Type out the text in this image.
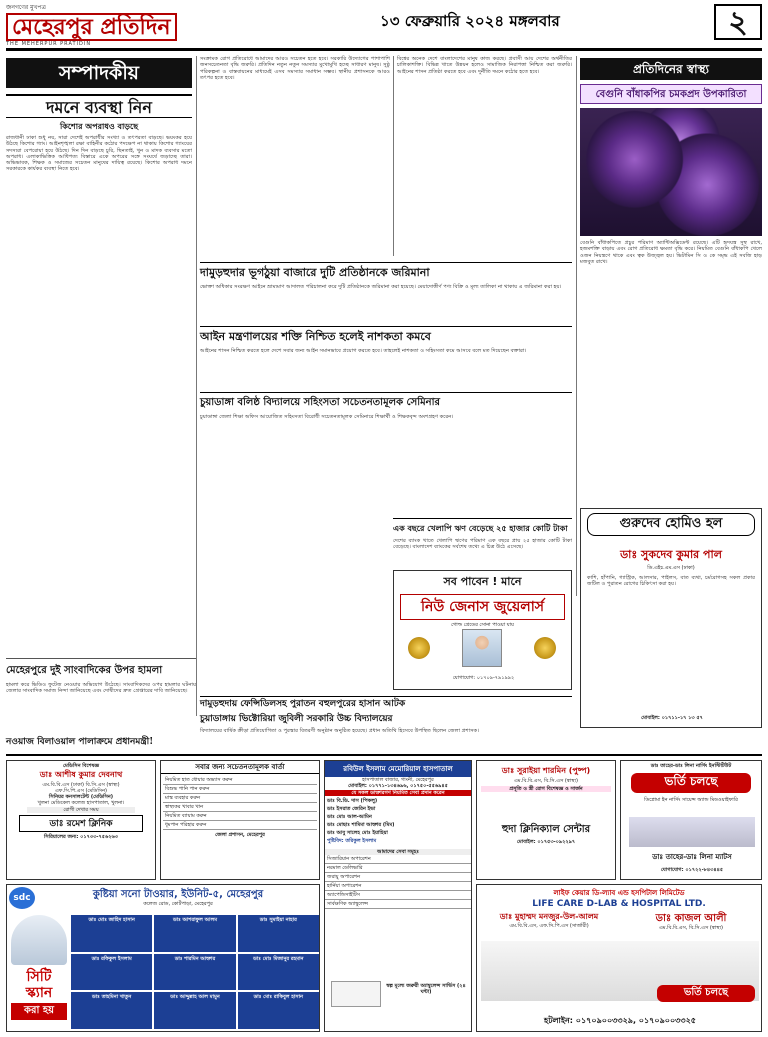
জনগণের মুখপত্র
মেহেরপুর প্রতিদিন
THE MEHERPUR PRATIDIN
১৩ ফেব্রুয়ারি ২০২৪ মঙ্গলবার	২
সম্পাদকীয়
দমনে ব্যবস্থা নিন
কিশোর অপরাধও বাড়ছে
রাজধানী ঢাকা শুধু নয়, সারা দেশেই অপরাধীর সংখ্যা ও তৎপরতা বাড়ছে। ভয়ংকর হয়ে উঠছে কিশোর গ্যাং। আইনশৃঙ্খলা রক্ষা বাহিনীর কঠোর পদক্ষেপ না থাকায় কিশোর গ্যাংয়ের সদস্যরা বেপরোয়া হয়ে উঠছে। দিন দিন বাড়ছে চুরি, ছিনতাই, খুন ও মাদক ব্যবসার মতো অপরাধ। এলাকাভিত্তিক আধিপত্য বিস্তারে একে অপরের সঙ্গে সংঘর্ষে জড়াচ্ছে তারা। অভিভাবক, শিক্ষক ও সমাজের সচেতন মানুষের দায়িত্ব রয়েছে। কিশোর অপরাধ দমনে সরকারকে কার্যকর ব্যবস্থা নিতে হবে।
সংক্রামক রোগ প্রতিরোধে আমাদের আরও সচেতন হতে হবে। সরকারি উদ্যোগের পাশাপাশি জনসচেতনতা বৃদ্ধি জরুরি। প্রতিদিন নতুন নতুন সমস্যার মুখোমুখি হচ্ছে সাধারণ মানুষ। সুষ্ঠু পরিকল্পনা ও বাস্তবায়নের মাধ্যমেই এসব সমস্যার সমাধান সম্ভব। স্থানীয় প্রশাসনকে আরও তৎপর হতে হবে।
বিশ্বের অনেক দেশে বাংলাদেশের মানুষ কাজ করছে। প্রবাসী আয় দেশের অর্থনীতির চালিকাশক্তি। বিভিন্ন খাতে উন্নয়ন হলেও সামাজিক নিরাপত্তা নিশ্চিত করা জরুরি। আইনের শাসন প্রতিষ্ঠা করতে হবে এবং দুর্নীতি দমনে কঠোর হতে হবে।
দামুড়হুদার ভূগঠুয়া বাজারে দুটি প্রতিষ্ঠানকে জরিমানা
ভোক্তা অধিকার সংরক্ষণ আইনে ভ্রাম্যমাণ আদালত পরিচালনা করে দুটি প্রতিষ্ঠানকে জরিমানা করা হয়েছে। মেয়াদোত্তীর্ণ পণ্য বিক্রি ও মূল্য তালিকা না থাকায় এ জরিমানা করা হয়।
আইন মন্ত্রণালয়ের শক্তি নিশ্চিত হলেই নাশকতা কমবে
আইনের শাসন নিশ্চিত করতে হলে দেশে সবার জন্য আইন সমানভাবে প্রয়োগ করতে হবে। তাহলেই নাশকতা ও সহিংসতা কমে আসবে বলে মত দিয়েছেন বক্তারা।
চুয়াডাঙ্গা বলিষ্ঠ বিদ্যালয়ে সহিংসতা সচেতনতামূলক সেমিনার
চুয়াডাঙ্গা জেলা শিক্ষা অফিস আয়োজিত সহিংসতা বিরোধী সচেতনতামূলক সেমিনারে শিক্ষার্থী ও শিক্ষকবৃন্দ অংশগ্রহণ করেন।
এক বছরে খেলাপি ঋণ বেড়েছে ২৫ হাজার কোটি টাকা
দেশের ব্যাংক খাতে খেলাপি ঋণের পরিমাণ এক বছরে প্রায় ২৫ হাজার কোটি টাকা বেড়েছে। বাংলাদেশ ব্যাংকের সর্বশেষ তথ্যে এ চিত্র উঠে এসেছে।
সব পাবেন ! মানে
নিউ জেনাস জুয়েলার্স
গোল্ড গ্রেডের সোনা পাওয়া যায়
যোগাযোগ: ০১৭০৯-৭৯১৯৯২
দামুড়হুদায় ফেন্সিডিলসহ পুরাতন বহুলপুরের হাসান আটক
মেহেরপুরে দুই সাংবাদিকের উপর হামলা
হামলা করে ভিডিও ফুটেজ নেওয়ার অভিযোগ উঠেছে। সাংবাদিকদের ওপর হামলার ঘটনায় জেলার সাংবাদিক সমাজ নিন্দা জানিয়েছে এবং দোষীদের দ্রুত গ্রেপ্তারের দাবি জানিয়েছে।
চুয়াডাঙ্গায় ভিক্টোরিয়া জুবিলী সরকারি উচ্চ বিদ্যালয়ের
বিদ্যালয়ের বার্ষিক ক্রীড়া প্রতিযোগিতা ও পুরস্কার বিতরণী অনুষ্ঠান অনুষ্ঠিত হয়েছে। প্রধান অতিথি হিসেবে উপস্থিত ছিলেন জেলা প্রশাসক।
নওয়াজ বিলাওয়াল পালাক্রমে প্রধানমন্ত্রী!
প্রতিদিনের স্বাস্থ্য
বেগুনি বাঁধাকপির চমকপ্রদ উপকারিতা
বেগুনি বাঁধাকপিতে প্রচুর পরিমাণ অ্যান্টিঅক্সিডেন্ট রয়েছে। এটি হৃদযন্ত্র সুস্থ রাখে, হজমশক্তি বাড়ায় এবং রোগ প্রতিরোধ ক্ষমতা বৃদ্ধি করে। নিয়মিত বেগুনি বাঁধাকপি খেলে ওজন নিয়ন্ত্রণে থাকে এবং ত্বক উজ্জ্বল হয়। ভিটামিন সি ও কে সমৃদ্ধ এই সবজি হাড় মজবুত রাখে।
গুরুদেব হোমিও হল
ডাঃ সুকদেব কুমার পাল
ডি.এইচ.এম.এস (ঢাকা)
কাশি, হাঁপানি, গ্যাস্ট্রিক, আলসার, পাইলস, বাত ব্যথা, চর্মরোগসহ সকল প্রকার জটিল ও পুরাতন রোগের চিকিৎসা করা হয়।
মোবাইল: ০১৭১১-১৭ ১৩ ৫৭
মেডিসিন বিশেষজ্ঞ
ডাঃ আশীষ কুমার দেবনাথ
এম.বি.বি.এস (ঢাকা) বি.সি.এস (স্বাস্থ্য)
এফ.সি.পি.এস (মেডিসিন)
সিনিয়র কনসালটেন্ট (মেডিসিন)
খুলনা মেডিকেল কলেজ হাসপাতাল, খুলনা।
রোগী দেখার সময়
ডাঃ রমেশ ক্লিনিক
সিরিয়ালের জন্য: ০১৭৩৩-৭৫৬২৬৩
সবার জন্য সচেতনতামূলক বার্তা
নিয়মিত হাত ধোয়ার অভ্যাস করুন
বিশুদ্ধ পানি পান করুন
মাস্ক ব্যবহার করুন
স্বাস্থ্যকর খাবার খান
নিয়মিত ব্যায়াম করুন
ধূমপান পরিহার করুন
জেলা প্রশাসন, মেহেরপুর
রবিউল ইসলাম মেমোরিয়াল হাসপাতাল
হাসপাতাল বাজার, গাংনী, মেহেরপুর
মোবাইল: ০১৭৭১-১৩৪৬৯৬, ০১৭৫০-৫৫৬৯৪৫
যে সকল ডাক্তারগণ নিয়মিত সেবা প্রদান করেন
ডাঃ বি.ডি. দাস (পিকলু)
ডাঃ ইসরাত জেরিন ইভা
ডাঃ মোঃ আল-আমিন
ডাঃ মোছাঃ শামিমা আক্তার (মিম)
ডাঃ আবু সালেহ মোঃ ইয়াহিয়া
পুষ্টিবিদ: তরিকুল ইসলাম
আমাদের সেবা সমূহঃ
সিজারিয়ান অপারেশন
নরমাল ডেলিভারি
জরায়ু অপারেশন
হার্নিয়া অপারেশন
অ্যাপেন্ডিসাইটিস
সার্বক্ষণিক অ্যাম্বুলেন্স
স্বল্প মূল্যে জরুরী অ্যাম্বুলেন্স সার্ভিস (২৪ ঘন্টা)
ডাঃ সুরাইয়া শারমিন (পুষ্প)
এম.বি.বি.এস, বি.সি.এস (স্বাস্থ্য)
প্রসূতি ও স্ত্রী রোগ বিশেষজ্ঞ ও সার্জন
হুদা ক্লিনিক্যাল সেন্টার
মোবাইল: ০১৭৫৩-০৯২২৯৭
ডাঃ তাহের-ডাঃ লিনা নার্সিং ইনস্টিটিউট
ভর্তি চলছে
ডিপ্লোমা ইন নার্সিং সায়েন্স অ্যান্ড মিডওয়াইফারি
ডাঃ তাহের-ডাঃ লিনা ম্যাটস
যোগাযোগ: ০১৭২২-৮৪৩৪৪৫
sdc	কুষ্টিয়া সনো টাওয়ার, ইউনিট-৫, মেহেরপুর
কলেজ রোড, কোর্টপাড়া, মেহেরপুর
সিটি স্ক্যান
করা হয়
ডাঃ মোঃ জাহিদ হাসান	ডাঃ আশরাফুল আলম	ডাঃ সুমাইয়া নাহার
ডাঃ রফিকুল ইসলাম	ডাঃ শারমিন আক্তার	ডাঃ মোঃ মিজানুর রহমান
ডাঃ তাহমিনা খাতুন	ডাঃ আব্দুল্লাহ আল মামুন	ডাঃ মোঃ রাকিবুল হাসান
লাইফ কেয়ার ডি-ল্যাব এন্ড হসপিটাল লিমিটেড
LIFE CARE D-LAB & HOSPITAL LTD.
ডাঃ মুহাম্মদ মনজুর-উল-আলম
এম.বি.বি.এস, এফ.সি.পি.এস (সার্জারী)
ডাঃ কাজল আলী
এম.বি.বি.এস, বি.সি.এস (স্বাস্থ্য)
ভর্তি চলছে
হটলাইন: ০১৭০৯০০৩৩২৯, ০১৭০৯০০৩৩২৫
